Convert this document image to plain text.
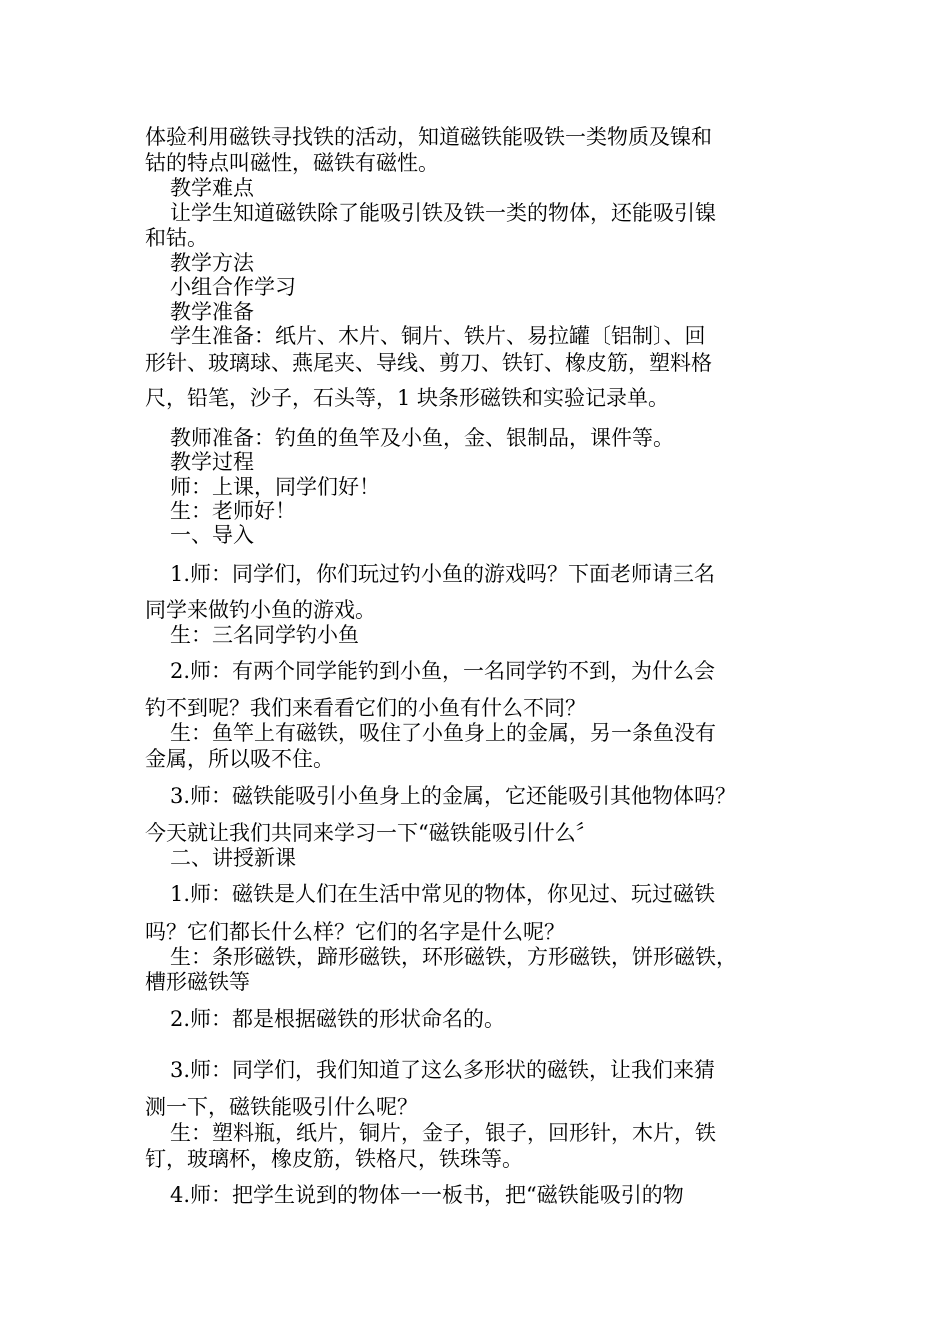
体验利用磁铁寻找铁的活动，知道磁铁能吸铁一类物质及镍和

钴的特点叫磁性，磁铁有磁性。

教学难点

让学生知道磁铁除了能吸引铁及铁一类的物体，还能吸引镍

和钴。

教学方法

小组合作学习

教学准备

学生准备：纸片、木片、铜片、铁片、易拉罐〔铝制〕、回

形针、玻璃球、燕尾夹、导线、剪刀、铁钉、橡皮筋，塑料格

尺，铅笔，沙子，石头等，1 块条形磁铁和实验记录单。

教师准备：钓鱼的鱼竿及小鱼，金、银制品，课件等。

教学过程

师：上课，同学们好！

生：老师好！

一、导入

1.师：同学们，你们玩过钓小鱼的游戏吗？下面老师请三名

同学来做钓小鱼的游戏。

生：三名同学钓小鱼

2.师：有两个同学能钓到小鱼，一名同学钓不到，为什么会

钓不到呢？我们来看看它们的小鱼有什么不同？

生：鱼竿上有磁铁，吸住了小鱼身上的金属，另一条鱼没有

金属，所以吸不住。

3.师：磁铁能吸引小鱼身上的金属，它还能吸引其他物体吗？

今天就让我们共同来学习一下“磁铁能吸引什么〞

二、讲授新课

1.师：磁铁是人们在生活中常见的物体，你见过、玩过磁铁

吗？它们都长什么样？它们的名字是什么呢？

生：条形磁铁，蹄形磁铁，环形磁铁，方形磁铁，饼形磁铁，

槽形磁铁等

2.师：都是根据磁铁的形状命名的。

3.师：同学们，我们知道了这么多形状的磁铁，让我们来猜

测一下，磁铁能吸引什么呢？

生：塑料瓶，纸片，铜片，金子，银子，回形针，木片，铁

钉，玻璃杯，橡皮筋，铁格尺，铁珠等。

4.师：把学生说到的物体一一板书，把“磁铁能吸引的物
